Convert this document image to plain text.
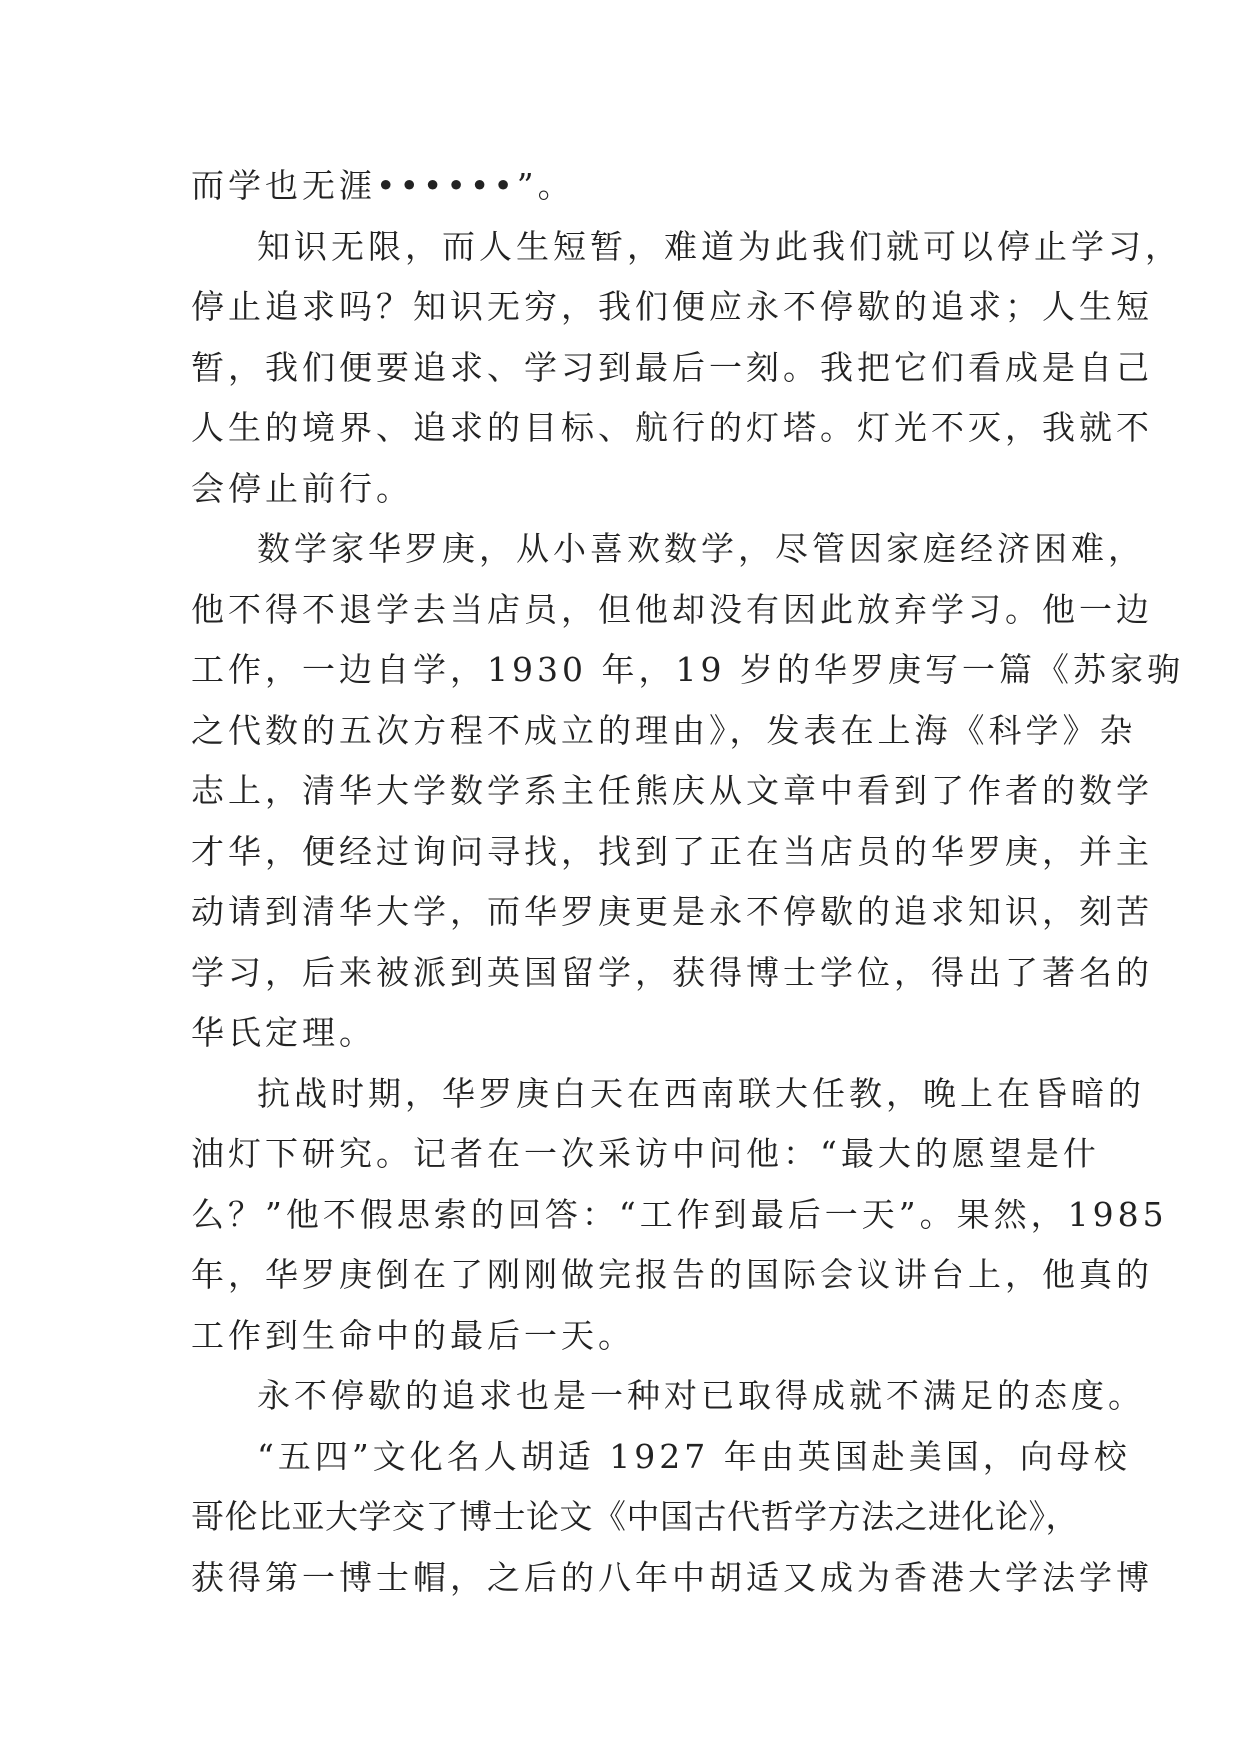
而学也无涯••••••”。
知识无限，而人生短暂，难道为此我们就可以停止学习，
停止追求吗？知识无穷，我们便应永不停歇的追求；人生短
暂，我们便要追求、学习到最后一刻。我把它们看成是自己
人生的境界、追求的目标、航行的灯塔。灯光不灭，我就不
会停止前行。
数学家华罗庚，从小喜欢数学，尽管因家庭经济困难，
他不得不退学去当店员，但他却没有因此放弃学习。他一边
工作，一边自学，1930 年，19 岁的华罗庚写一篇《苏家驹
之代数的五次方程不成立的理由》，发表在上海《科学》杂
志上，清华大学数学系主任熊庆从文章中看到了作者的数学
才华，便经过询问寻找，找到了正在当店员的华罗庚，并主
动请到清华大学，而华罗庚更是永不停歇的追求知识，刻苦
学习，后来被派到英国留学，获得博士学位，得出了著名的
华氏定理。
抗战时期，华罗庚白天在西南联大任教，晚上在昏暗的
油灯下研究。记者在一次采访中问他：“最大的愿望是什
么？”他不假思索的回答：“工作到最后一天”。果然，1985
年，华罗庚倒在了刚刚做完报告的国际会议讲台上，他真的
工作到生命中的最后一天。
永不停歇的追求也是一种对已取得成就不满足的态度。
“五四”文化名人胡适 1927 年由英国赴美国，向母校
哥伦比亚大学交了博士论文《中国古代哲学方法之进化论》，
获得第一博士帽，之后的八年中胡适又成为香港大学法学博
